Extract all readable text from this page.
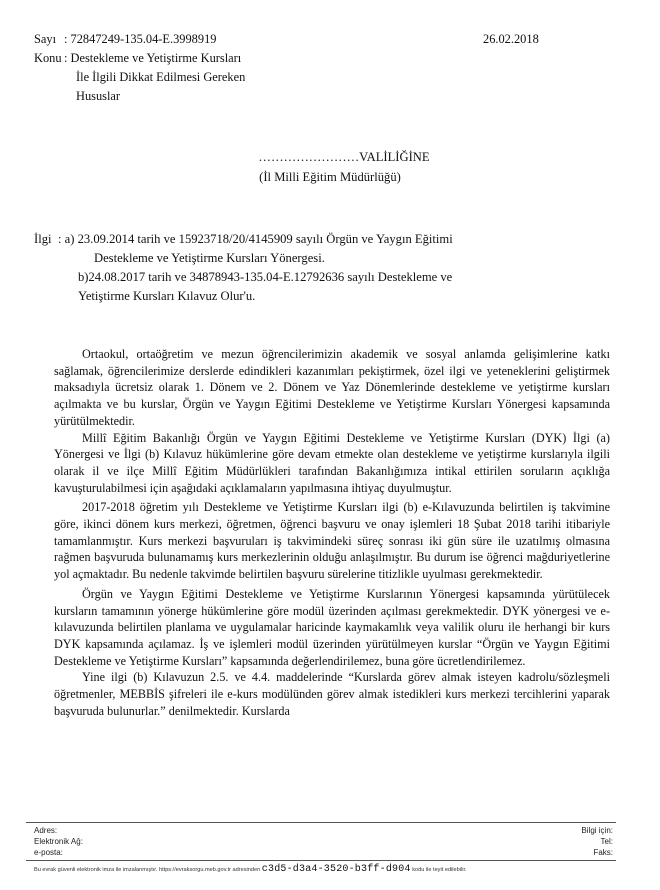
Sayı : 72847249-135.04-E.3998919	26.02.2018
Konu : Destekleme ve Yetiştirme Kursları
İle İlgili Dikkat Edilmesi Gereken
Hususlar
……………………VALİLİĞİNE
(İl Milli Eğitim Müdürlüğü)
İlgi : a) 23.09.2014 tarih ve 15923718/20/4145909 sayılı Örgün ve Yaygın Eğitimi
Destekleme ve Yetiştirme Kursları Yönergesi.
b)24.08.2017 tarih ve 34878943-135.04-E.12792636 sayılı Destekleme ve
Yetiştirme Kursları Kılavuz Olur'u.

Ortaokul, ortaöğretim ve mezun öğrencilerimizin akademik ve sosyal anlamda gelişimlerine katkı sağlamak, öğrencilerimize derslerde edindikleri kazanımları pekiştirmek, özel ilgi ve yeteneklerini geliştirmek maksadıyla ücretsiz olarak 1. Dönem ve 2. Dönem ve Yaz Dönemlerinde destekleme ve yetiştirme kursları açılmakta ve bu kurslar, Örgün ve Yaygın Eğitimi Destekleme ve Yetiştirme Kursları Yönergesi kapsamında yürütülmektedir.

Millî Eğitim Bakanlığı Örgün ve Yaygın Eğitimi Destekleme ve Yetiştirme Kursları (DYK) İlgi (a) Yönergesi ve İlgi (b) Kılavuz hükümlerine göre devam etmekte olan destekleme ve yetiştirme kurslarıyla ilgili olarak il ve ilçe Millî Eğitim Müdürlükleri tarafından Bakanlığımıza intikal ettirilen soruların açıklığa kavuşturulabilmesi için aşağıdaki açıklamaların yapılmasına ihtiyaç duyulmuştur.

2017-2018 öğretim yılı Destekleme ve Yetiştirme Kursları ilgi (b) e-Kılavuzunda belirtilen iş takvimine göre, ikinci dönem kurs merkezi, öğretmen, öğrenci başvuru ve onay işlemleri 18 Şubat 2018 tarihi itibariyle tamamlanmıştır. Kurs merkezi başvuruları iş takvimindeki süreç sonrası iki gün süre ile uzatılmış olmasına rağmen başvuruda bulunamamış kurs merkezlerinin olduğu anlaşılmıştır. Bu durum ise öğrenci mağduriyetlerine yol açmaktadır. Bu nedenle takvimde belirtilen başvuru sürelerine titizlikle uyulması gerekmektedir.

Örgün ve Yaygın Eğitimi Destekleme ve Yetiştirme Kurslarının Yönergesi kapsamında yürütülecek kursların tamamının yönerge hükümlerine göre modül üzerinden açılması gerekmektedir. DYK yönergesi ve e-kılavuzunda belirtilen planlama ve uygulamalar haricinde kaymakamlık veya valilik oluru ile herhangi bir kurs DYK kapsamında açılamaz. İş ve işlemleri modül üzerinden yürütülmeyen kurslar “Örgün ve Yaygın Eğitimi Destekleme ve Yetiştirme Kursları” kapsamında değerlendirilemez, buna göre ücretlendirilemez.

Yine ilgi (b) Kılavuzun 2.5. ve 4.4. maddelerinde “Kurslarda görev almak isteyen kadrolu/sözleşmeli öğretmenler, MEBBİS şifreleri ile e-kurs modülünden görev almak istedikleri kurs merkezi tercihlerini yaparak başvuruda bulunurlar.” denilmektedir. Kurslarda

Adres:
Elektronik Ağ:
e-posta:
Bilgi için:
Tel:
Faks:
Bu evrak güvenli elektronik imza ile imzalanmıştır. https://evraksorgu.meb.gov.tr adresinden c3d5-d3a4-3520-b3ff-d904 kodu ile teyit edilebilir.
